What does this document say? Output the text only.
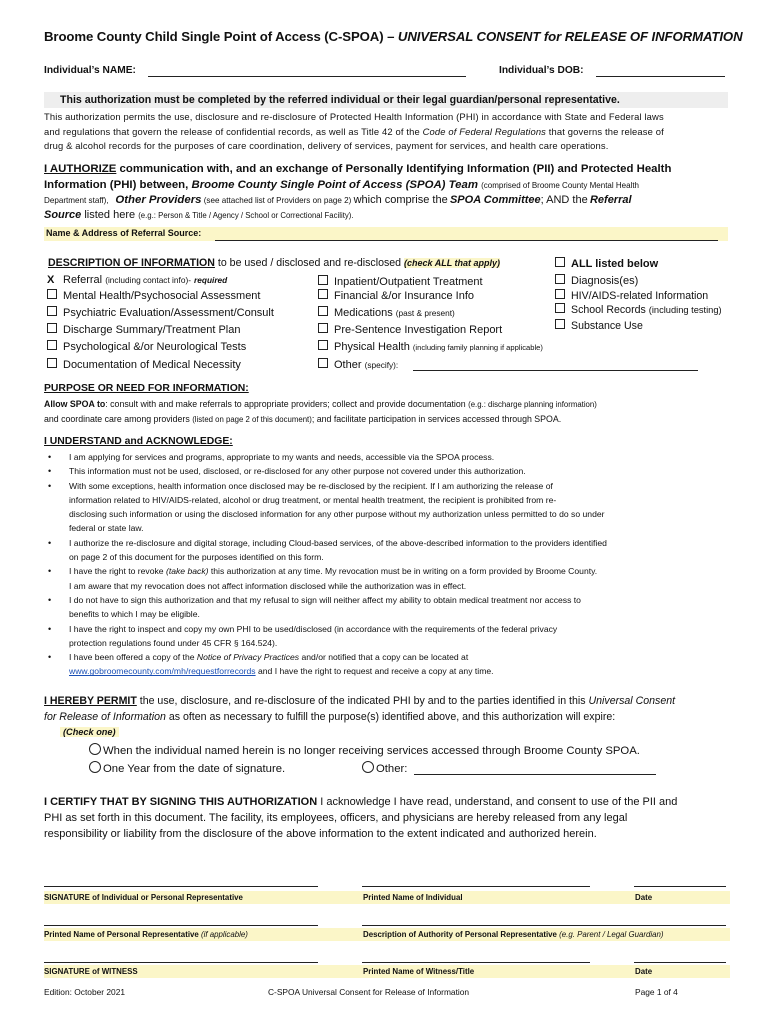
Broome County Child Single Point of Access (C-SPOA) – UNIVERSAL CONSENT for RELEASE OF INFORMATION
Individual’s NAME:	Individual’s DOB:
This authorization must be completed by the referred individual or their legal guardian/personal representative.
This authorization permits the use, disclosure and re-disclosure of Protected Health Information (PHI) in accordance with State and Federal laws
and regulations that govern the release of confidential records, as well as Title 42 of the Code of Federal Regulations that governs the release of
drug & alcohol records for the purposes of care coordination, delivery of services, payment for services, and health care operations.
I AUTHORIZE communication with, and an exchange of Personally Identifying Information (PII) and Protected Health
Information (PHI) between, Broome County Single Point of Access (SPOA) Team (comprised of Broome County Mental Health
Department staff), Other Providers (see attached list of Providers on page 2) which comprise the SPOA Committee; AND the Referral
Source listed here (e.g.: Person & Title / Agency / School or Correctional Facility).
Name & Address of Referral Source:
DESCRIPTION OF INFORMATION to be used / disclosed and re-disclosed (check ALL that apply)	ALL listed below
X Referral (including contact info)- required
Mental Health/Psychosocial Assessment
Psychiatric Evaluation/Assessment/Consult
Discharge Summary/Treatment Plan
Psychological &/or Neurological Tests
Documentation of Medical Necessity
Inpatient/Outpatient Treatment
Financial &/or Insurance Info
Medications (past & present)
Pre-Sentence Investigation Report
Physical Health (including family planning if applicable)
Other (specify):
Diagnosis(es)
HIV/AIDS-related Information
School Records (including testing)
Substance Use
PURPOSE OR NEED FOR INFORMATION:
Allow SPOA to: consult with and make referrals to appropriate providers; collect and provide documentation (e.g.: discharge planning information)
and coordinate care among providers (listed on page 2 of this document); and facilitate participation in services accessed through SPOA.
I UNDERSTAND and ACKNOWLEDGE:
• I am applying for services and programs, appropriate to my wants and needs, accessible via the SPOA process.
• This information must not be used, disclosed, or re-disclosed for any other purpose not covered under this authorization.
• With some exceptions, health information once disclosed may be re-disclosed by the recipient. If I am authorizing the release of
information related to HIV/AIDS-related, alcohol or drug treatment, or mental health treatment, the recipient is prohibited from re-
disclosing such information or using the disclosed information for any other purpose without my authorization unless permitted to do so under
federal or state law.
• I authorize the re-disclosure and digital storage, including Cloud-based services, of the above-described information to the providers identified
on page 2 of this document for the purposes identified on this form.
• I have the right to revoke (take back) this authorization at any time. My revocation must be in writing on a form provided by Broome County.
I am aware that my revocation does not affect information disclosed while the authorization was in effect.
• I do not have to sign this authorization and that my refusal to sign will neither affect my ability to obtain medical treatment nor access to
benefits to which I may be eligible.
• I have the right to inspect and copy my own PHI to be used/disclosed (in accordance with the requirements of the federal privacy
protection regulations found under 45 CFR § 164.524).
• I have been offered a copy of the Notice of Privacy Practices and/or notified that a copy can be located at
www.gobroomecounty.com/mh/requestforrecords and I have the right to request and receive a copy at any time.
I HEREBY PERMIT the use, disclosure, and re-disclosure of the indicated PHI by and to the parties identified in this Universal Consent
for Release of Information as often as necessary to fulfill the purpose(s) identified above, and this authorization will expire:
(Check one)
When the individual named herein is no longer receiving services accessed through Broome County SPOA.
One Year from the date of signature.	Other:
I CERTIFY THAT BY SIGNING THIS AUTHORIZATION I acknowledge I have read, understand, and consent to use of the PII and
PHI as set forth in this document. The facility, its employees, officers, and physicians are hereby released from any legal
responsibility or liability from the disclosure of the above information to the extent indicated and authorized herein.
SIGNATURE of Individual or Personal Representative	Printed Name of Individual	Date
Printed Name of Personal Representative (if applicable)	Description of Authority of Personal Representative (e.g. Parent / Legal Guardian)
SIGNATURE of WITNESS	Printed Name of Witness/Title	Date
Edition: October 2021	C-SPOA Universal Consent for Release of Information	Page 1 of 4
